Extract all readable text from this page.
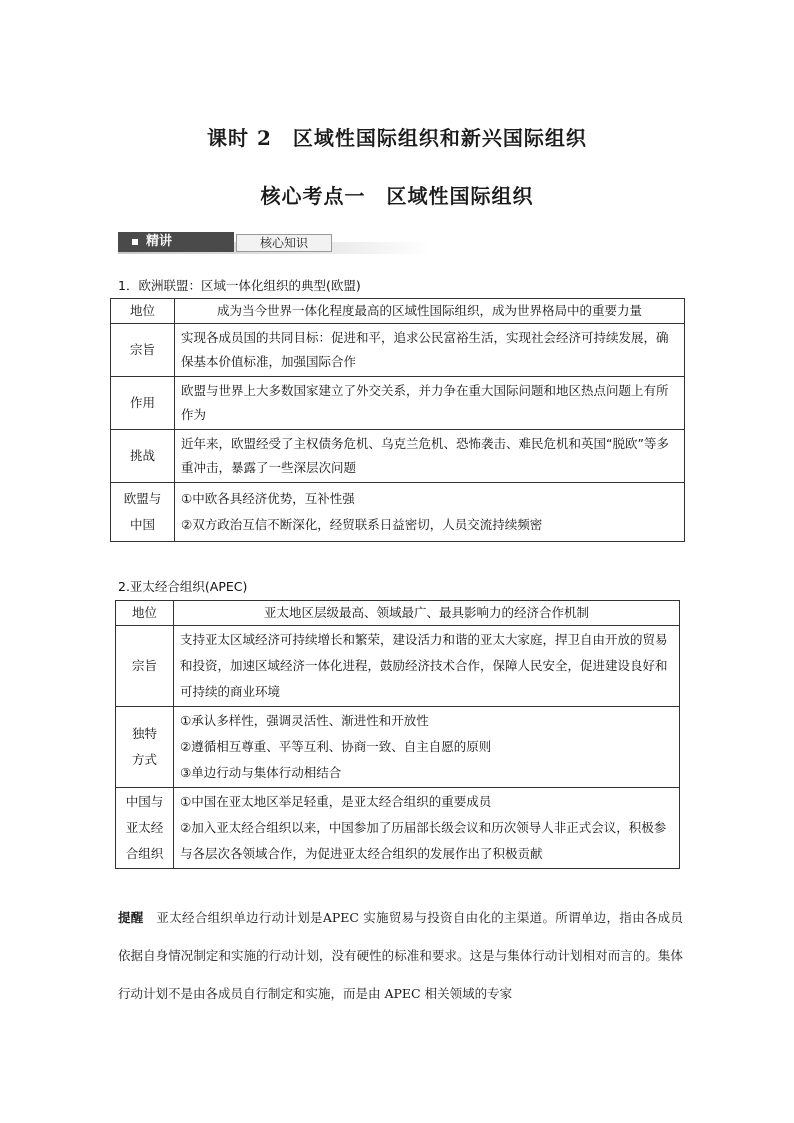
课时 2　区域性国际组织和新兴国际组织
核心考点一　区域性国际组织
精讲	核心知识
1．欧洲联盟：区域一体化组织的典型(欧盟)
地位	成为当今世界一体化程度最高的区域性国际组织，成为世界格局中的重要力量
宗旨	实现各成员国的共同目标：促进和平，追求公民富裕生活，实现社会经济可持续发展，确保基本价值标准，加强国际合作
作用	欧盟与世界上大多数国家建立了外交关系，并力争在重大国际问题和地区热点问题上有所作为
挑战	近年来，欧盟经受了主权债务危机、乌克兰危机、恐怖袭击、难民危机和英国“脱欧”等多重冲击，暴露了一些深层次问题
欧盟与中国	①中欧各具经济优势，互补性强
②双方政治互信不断深化，经贸联系日益密切，人员交流持续频密
2.亚太经合组织(APEC)
地位	亚太地区层级最高、领域最广、最具影响力的经济合作机制
宗旨	支持亚太区域经济可持续增长和繁荣，建设活力和谐的亚太大家庭，捍卫自由开放的贸易和投资，加速区域经济一体化进程，鼓励经济技术合作，保障人民安全，促进建设良好和可持续的商业环境
独特方式	①承认多样性，强调灵活性、渐进性和开放性
②遵循相互尊重、平等互利、协商一致、自主自愿的原则
③单边行动与集体行动相结合
中国与亚太经合组织	①中国在亚太地区举足轻重，是亚太经合组织的重要成员
②加入亚太经合组织以来，中国参加了历届部长级会议和历次领导人非正式会议，积极参与各层次各领域合作，为促进亚太经合组织的发展作出了积极贡献
提醒　亚太经合组织单边行动计划是APEC 实施贸易与投资自由化的主渠道。所谓单边，指由各成员依据自身情况制定和实施的行动计划，没有硬性的标准和要求。这是与集体行动计划相对而言的。集体行动计划不是由各成员自行制定和实施，而是由 APEC 相关领域的专家
